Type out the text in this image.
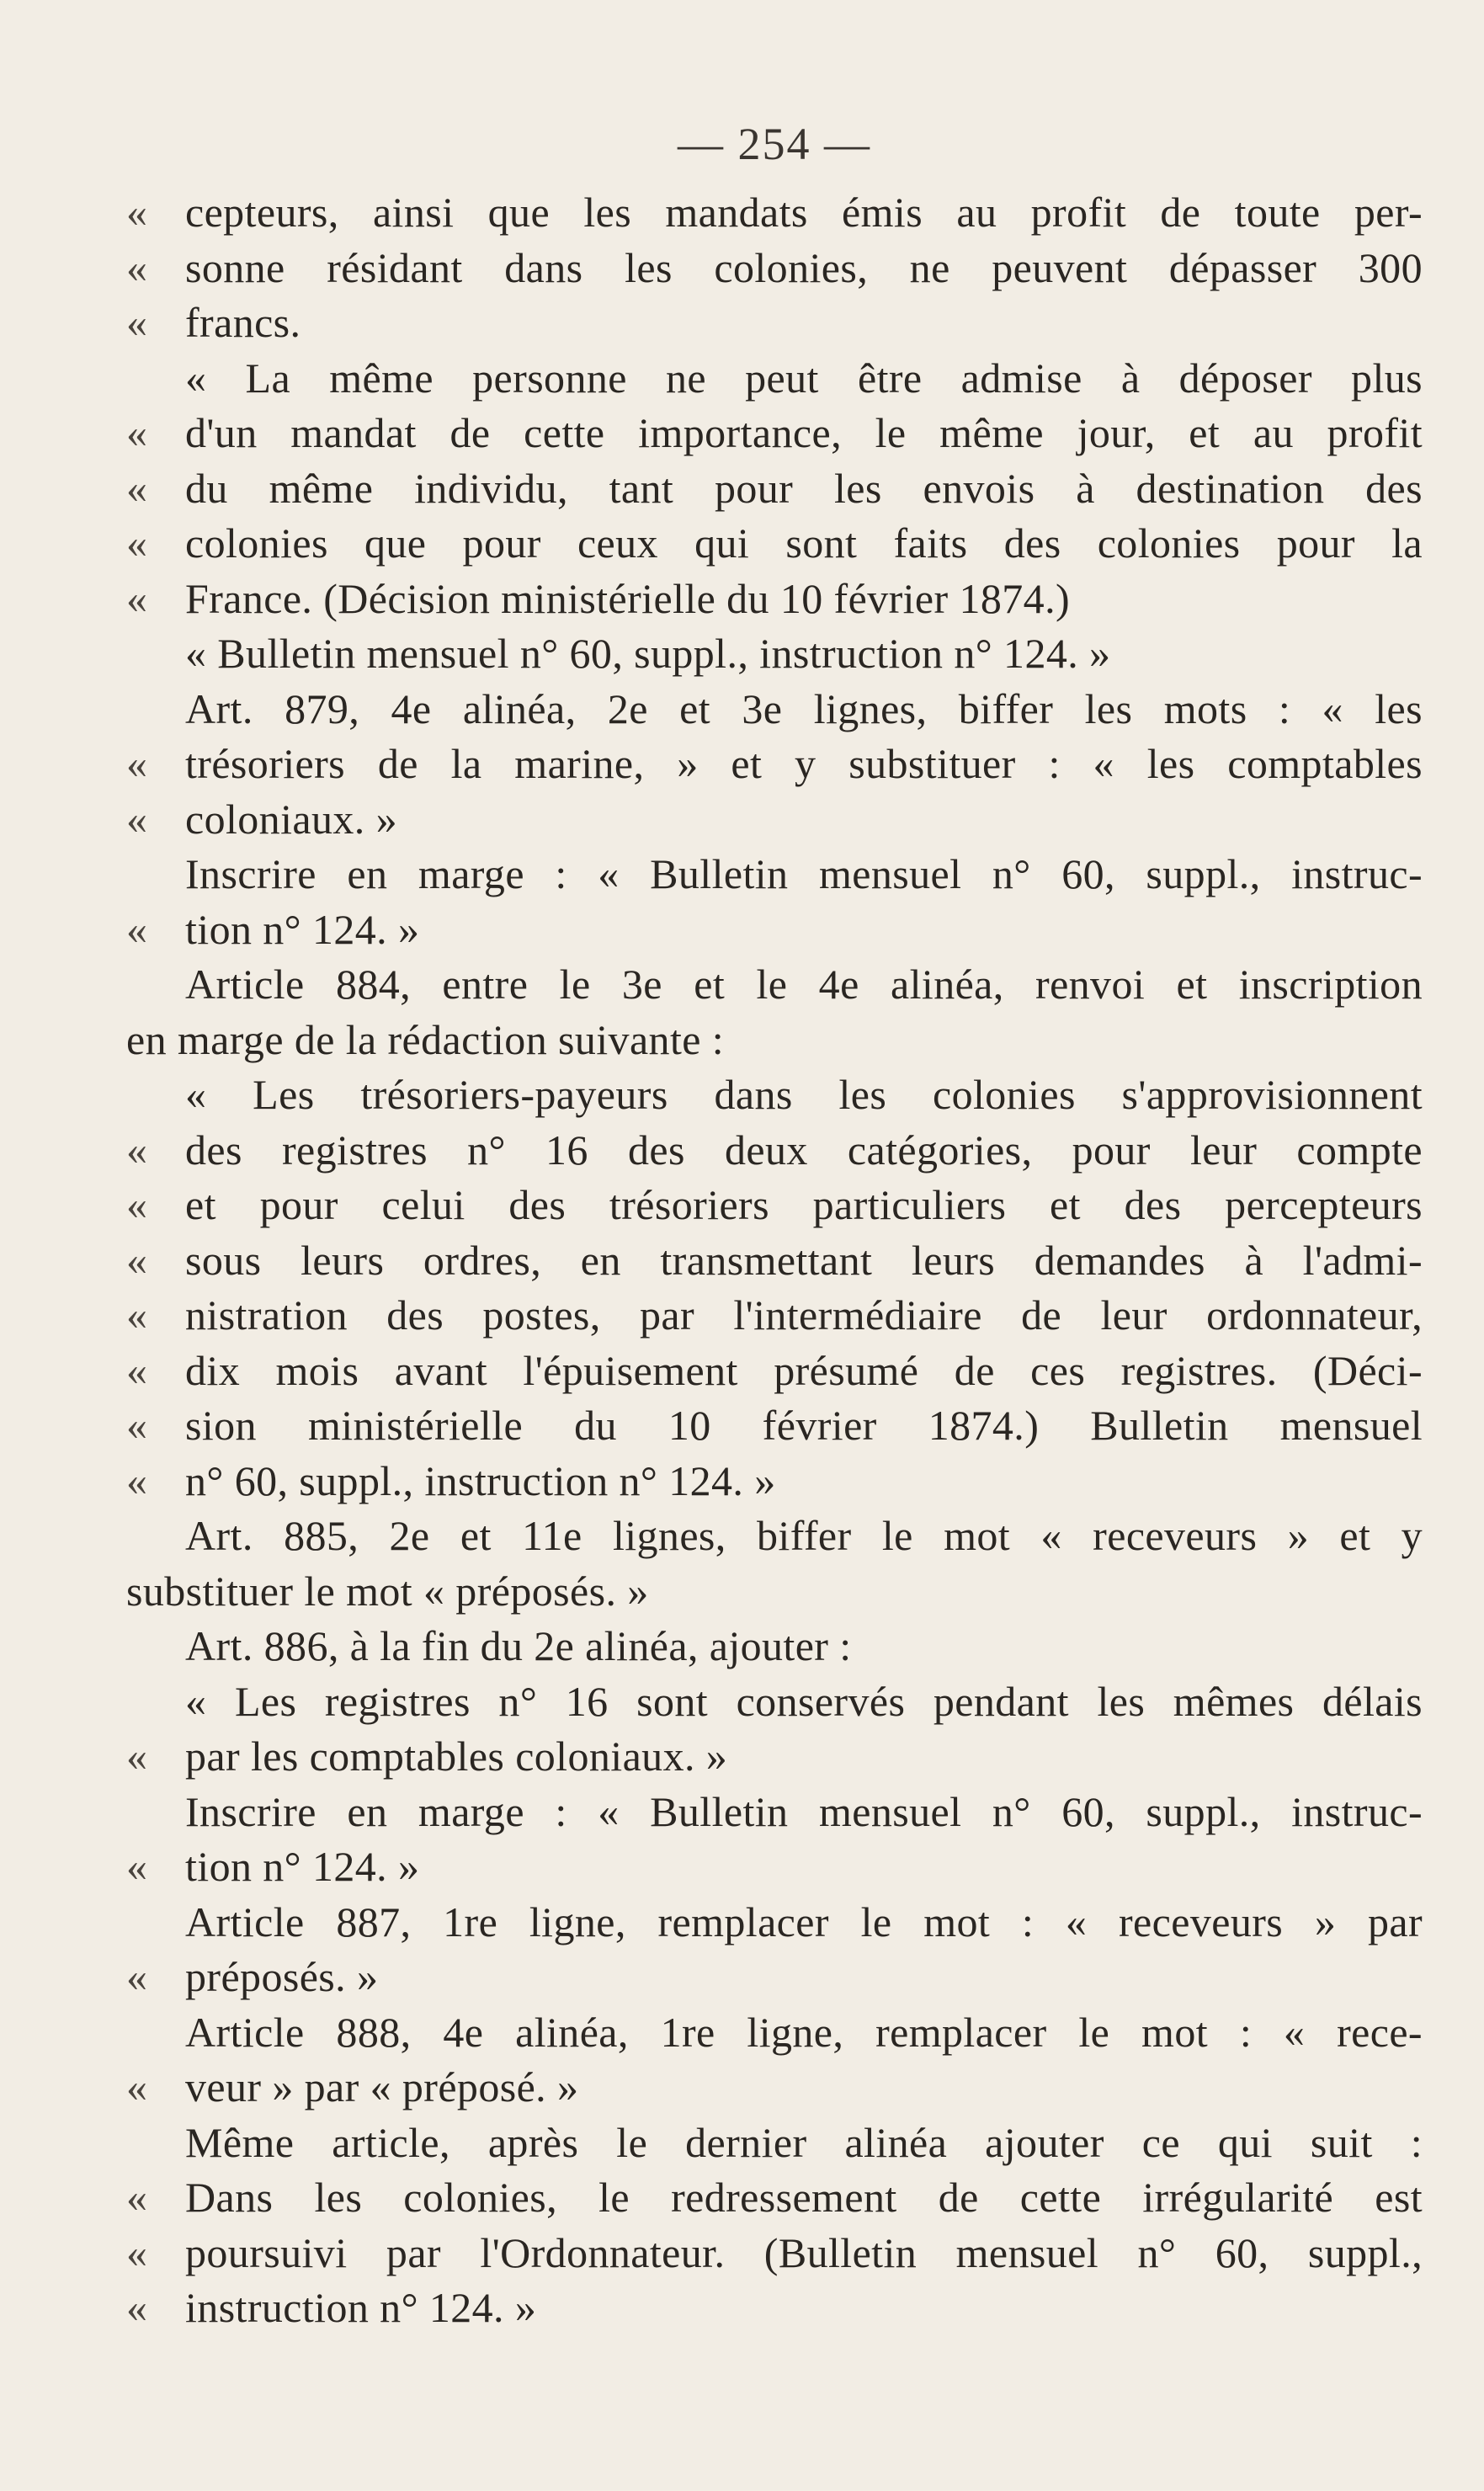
— 254 —
« cepteurs, ainsi que les mandats émis au profit de toute per-
« sonne résidant dans les colonies, ne peuvent dépasser 300
« francs.
« La même personne ne peut être admise à déposer plus
« d'un mandat de cette importance, le même jour, et au profit
« du même individu, tant pour les envois à destination des
« colonies que pour ceux qui sont faits des colonies pour la
« France. (Décision ministérielle du 10 février 1874.)
« Bulletin mensuel n° 60, suppl., instruction n° 124. »
Art. 879, 4e alinéa, 2e et 3e lignes, biffer les mots : « les
« trésoriers de la marine, » et y substituer : « les comptables
« coloniaux. »
Inscrire en marge : « Bulletin mensuel n° 60, suppl., instruc-
« tion n° 124. »
Article 884, entre le 3e et le 4e alinéa, renvoi et inscription
en marge de la rédaction suivante :
« Les trésoriers-payeurs dans les colonies s'approvisionnent
« des registres n° 16 des deux catégories, pour leur compte
« et pour celui des trésoriers particuliers et des percepteurs
« sous leurs ordres, en transmettant leurs demandes à l'admi-
« nistration des postes, par l'intermédiaire de leur ordonnateur,
« dix mois avant l'épuisement présumé de ces registres. (Déci-
« sion ministérielle du 10 février 1874.) Bulletin mensuel
« n° 60, suppl., instruction n° 124. »
Art. 885, 2e et 11e lignes, biffer le mot « receveurs » et y
substituer le mot « préposés. »
Art. 886, à la fin du 2e alinéa, ajouter :
« Les registres n° 16 sont conservés pendant les mêmes délais
« par les comptables coloniaux. »
Inscrire en marge : « Bulletin mensuel n° 60, suppl., instruc-
« tion n° 124. »
Article 887, 1re ligne, remplacer le mot : « receveurs » par
« préposés. »
Article 888, 4e alinéa, 1re ligne, remplacer le mot : « rece-
« veur » par « préposé. »
Même article, après le dernier alinéa ajouter ce qui suit :
« Dans les colonies, le redressement de cette irrégularité est
« poursuivi par l'Ordonnateur. (Bulletin mensuel n° 60, suppl.,
« instruction n° 124. »
